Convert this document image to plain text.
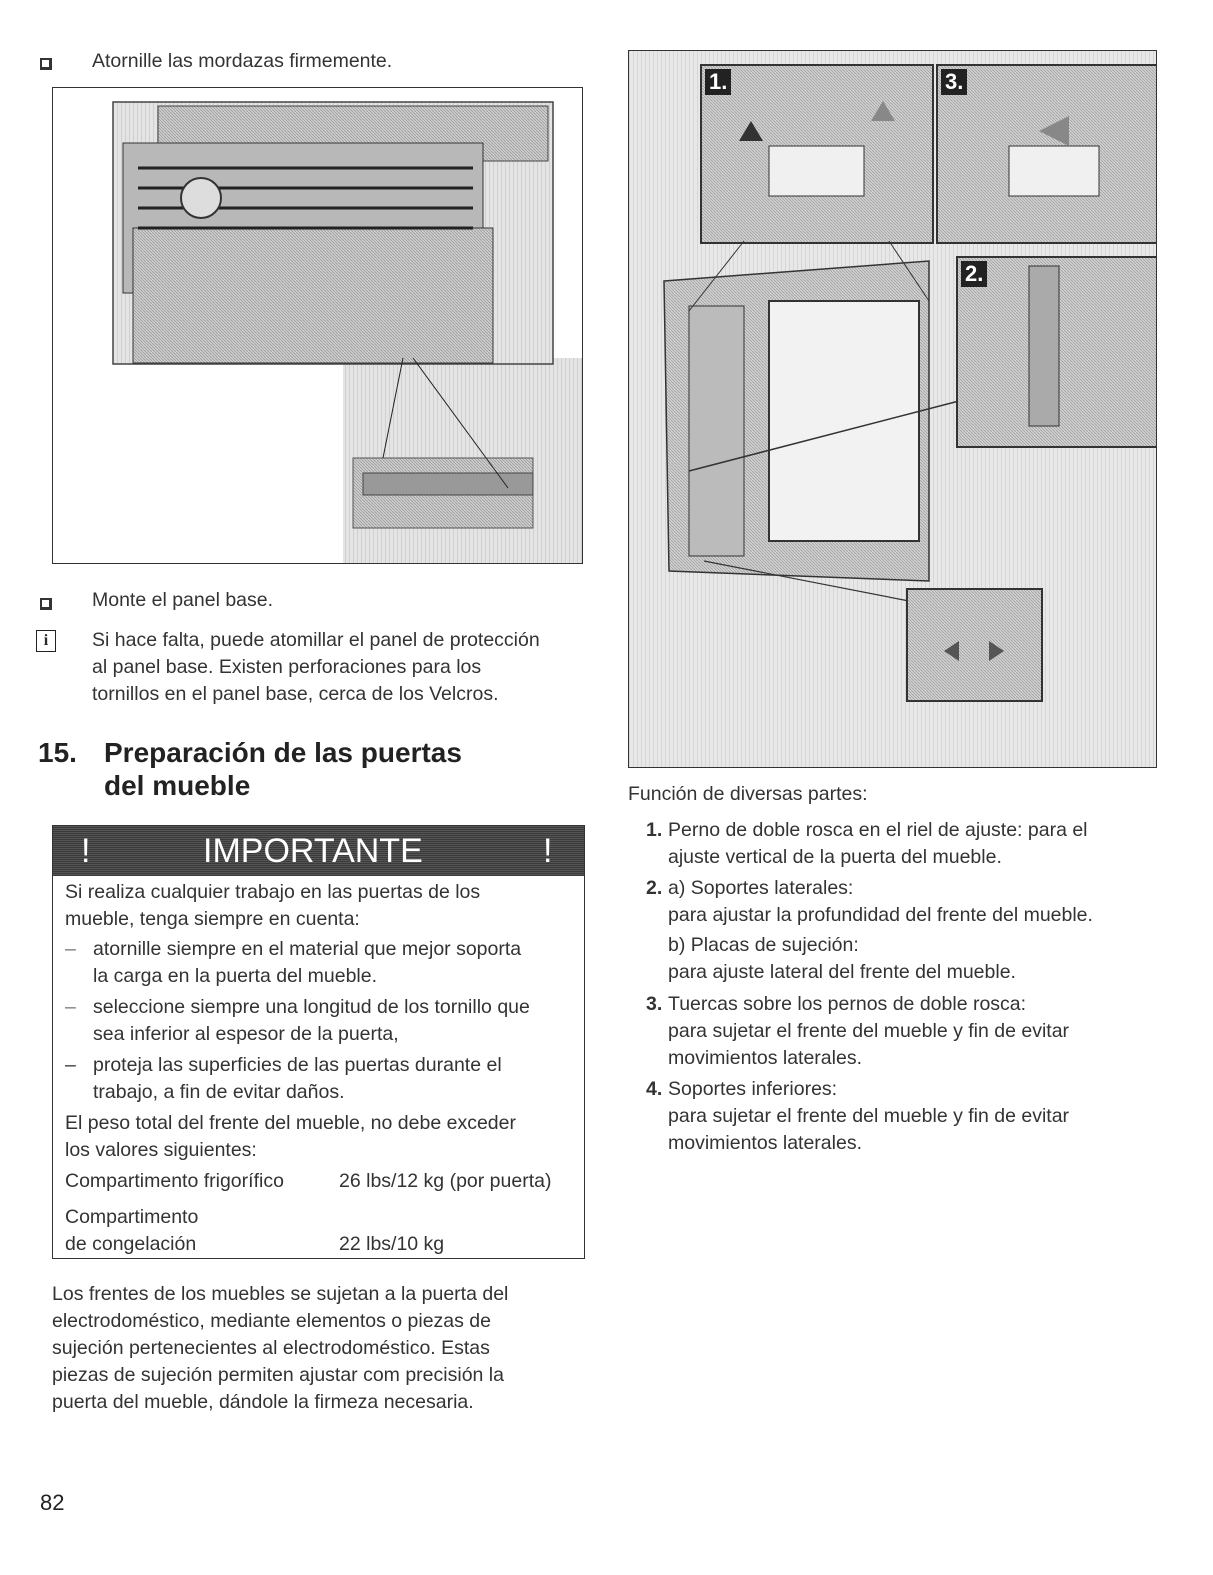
Atornille las mordazas firmemente.
Monte el panel base.
i	Si hace falta, puede atomillar el panel de protección
al panel base. Existen perforaciones para los
tornillos en el panel base, cerca de los Velcros.
15. Preparación de las puertas
del mueble
!	IMPORTANTE	!
Si realiza cualquier trabajo en las puertas de los
mueble, tenga siempre en cuenta:
– atornille siempre en el material que mejor soporta
la carga en la puerta del mueble.
– seleccione siempre una longitud de los tornillo que
sea inferior al espesor de la puerta,
– proteja las superficies de las puertas durante el
trabajo, a fin de evitar daños.
El peso total del frente del mueble, no debe exceder
los valores siguientes:
Compartimento frigorífico	26 lbs/12 kg (por puerta)
Compartimento
de congelación	22 lbs/10 kg
Los frentes de los muebles se sujetan a la puerta del
electrodoméstico, mediante elementos o piezas de
sujeción pertenecientes al electrodoméstico. Estas
piezas de sujeción permiten ajustar com precisión la
puerta del mueble, dándole la firmeza necesaria.
82
1.	3.
2.
Función de diversas partes:
1. Perno de doble rosca en el riel de ajuste: para el
ajuste vertical de la puerta del mueble.
2. a) Soportes laterales:
para ajustar la profundidad del frente del mueble.
b) Placas de sujeción:
para ajuste lateral del frente del mueble.
3. Tuercas sobre los pernos de doble rosca:
para sujetar el frente del mueble y fin de evitar
movimientos laterales.
4. Soportes inferiores:
para sujetar el frente del mueble y fin de evitar
movimientos laterales.
